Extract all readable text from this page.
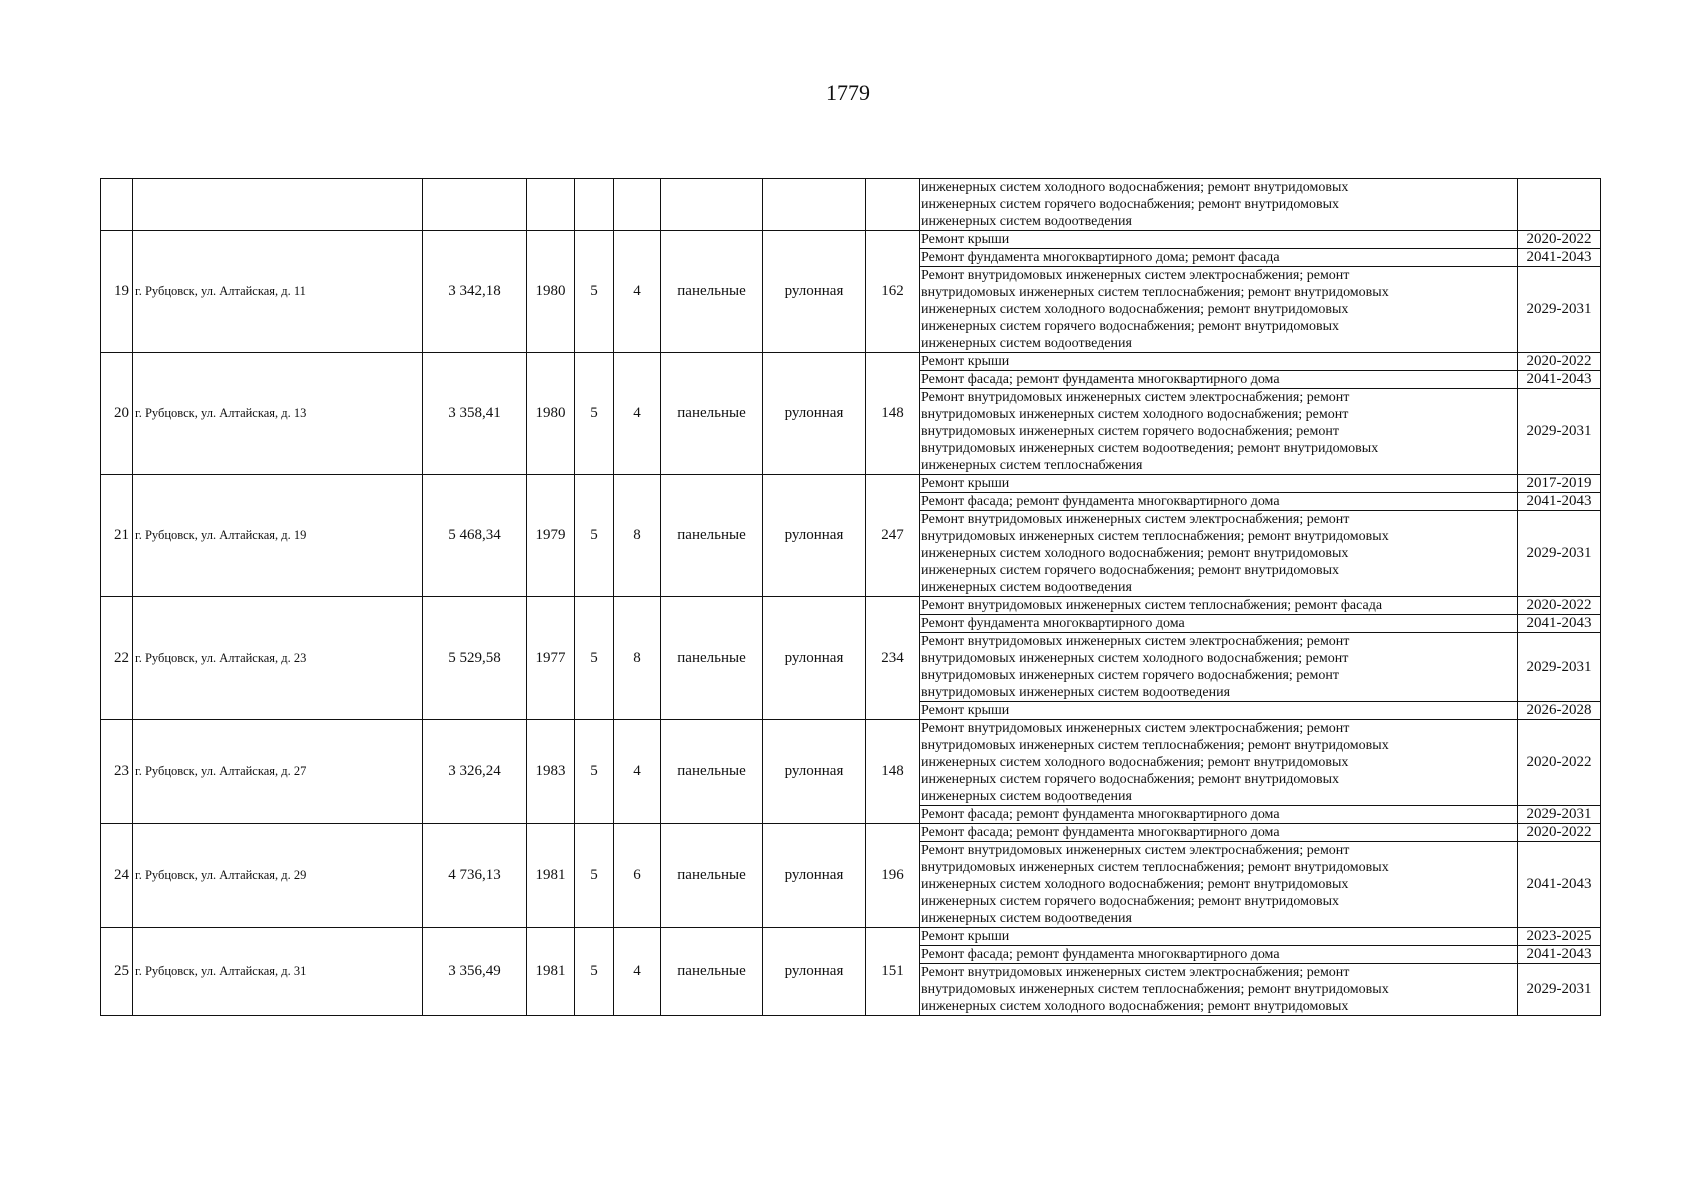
1779

									инженерных систем холодного водоснабжения; ремонт внутридомовых
инженерных систем горячего водоснабжения; ремонт внутридомовых
инженерных систем водоотведения	

19	г. Рубцовск, ул. Алтайская, д. 11	3 342,18	1980	5	4	панельные	рулонная	162	Ремонт крыши	2020-2022

									Ремонт фундамента многоквартирного дома; ремонт фасада	2041-2043

									Ремонт внутридомовых инженерных систем электроснабжения; ремонт
внутридомовых инженерных систем теплоснабжения; ремонт внутридомовых
инженерных систем холодного водоснабжения; ремонт внутридомовых
инженерных систем горячего водоснабжения; ремонт внутридомовых
инженерных систем водоотведения	2029-2031
20	г. Рубцовск, ул. Алтайская, д. 13	3 358,41	1980	5	4	панельные	рулонная	148	Ремонт крыши	2020-2022

									Ремонт фасада; ремонт фундамента многоквартирного дома	2041-2043

									Ремонт внутридомовых инженерных систем электроснабжения; ремонт
внутридомовых инженерных систем холодного водоснабжения; ремонт
внутридомовых инженерных систем горячего водоснабжения; ремонт
внутридомовых инженерных систем водоотведения; ремонт внутридомовых
инженерных систем теплоснабжения	2029-2031
21	г. Рубцовск, ул. Алтайская, д. 19	5 468,34	1979	5	8	панельные	рулонная	247	Ремонт крыши	2017-2019

									Ремонт фасада; ремонт фундамента многоквартирного дома	2041-2043

									Ремонт внутридомовых инженерных систем электроснабжения; ремонт
внутридомовых инженерных систем теплоснабжения; ремонт внутридомовых
инженерных систем холодного водоснабжения; ремонт внутридомовых
инженерных систем горячего водоснабжения; ремонт внутридомовых
инженерных систем водоотведения	2029-2031
22	г. Рубцовск, ул. Алтайская, д. 23	5 529,58	1977	5	8	панельные	рулонная	234	Ремонт внутридомовых инженерных систем теплоснабжения; ремонт фасада	2020-2022

									Ремонт фундамента многоквартирного дома	2041-2043

									Ремонт внутридомовых инженерных систем электроснабжения; ремонт
внутридомовых инженерных систем холодного водоснабжения; ремонт
внутридомовых инженерных систем горячего водоснабжения; ремонт
внутридомовых инженерных систем водоотведения	2029-2031

									Ремонт крыши	2026-2028
23	г. Рубцовск, ул. Алтайская, д. 27	3 326,24	1983	5	4	панельные	рулонная	148	Ремонт внутридомовых инженерных систем электроснабжения; ремонт
внутридомовых инженерных систем теплоснабжения; ремонт внутридомовых
инженерных систем холодного водоснабжения; ремонт внутридомовых
инженерных систем горячего водоснабжения; ремонт внутридомовых
инженерных систем водоотведения	2020-2022

									Ремонт фасада; ремонт фундамента многоквартирного дома	2029-2031
24	г. Рубцовск, ул. Алтайская, д. 29	4 736,13	1981	5	6	панельные	рулонная	196	Ремонт фасада; ремонт фундамента многоквартирного дома	2020-2022

									Ремонт внутридомовых инженерных систем электроснабжения; ремонт
внутридомовых инженерных систем теплоснабжения; ремонт внутридомовых
инженерных систем холодного водоснабжения; ремонт внутридомовых
инженерных систем горячего водоснабжения; ремонт внутридомовых
инженерных систем водоотведения	2041-2043
25	г. Рубцовск, ул. Алтайская, д. 31	3 356,49	1981	5	4	панельные	рулонная	151	Ремонт крыши	2023-2025

									Ремонт фасада; ремонт фундамента многоквартирного дома	2041-2043

									Ремонт внутридомовых инженерных систем электроснабжения; ремонт
внутридомовых инженерных систем теплоснабжения; ремонт внутридомовых
инженерных систем холодного водоснабжения; ремонт внутридомовых	2029-2031
